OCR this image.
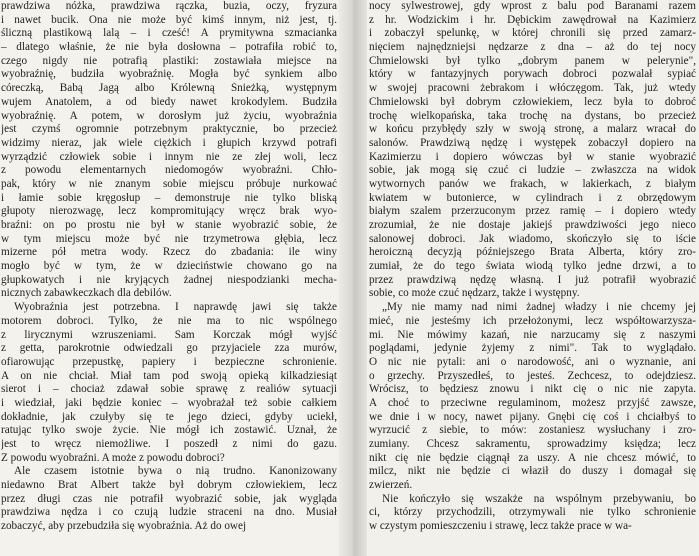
prawdziwa nóżka, prawdziwa rączka, buzia, oczy, fryzura
i nawet bucik. Ona nie może być kimś innym, niż jest, tj.
śliczną plastikową lalą – i cześć! A prymitywna szmacianka
– dlatego właśnie, że nie była dosłowna – potrafiła robić to,
czego nigdy nie potrafią plastiki: zostawiała miejsce na
wyobraźnię, budziła wyobraźnię. Mogła być synkiem albo
córeczką, Babą Jagą albo Królewną Śnieżką, występnym
wujem Anatolem, a od biedy nawet krokodylem. Budziła
wyobraźnię. A potem, w dorosłym już życiu, wyobraźnia
jest czymś ogromnie potrzebnym praktycznie, bo przecież
widzimy nieraz, jak wiele ciężkich i głupich krzywd potrafi
wyrządzić człowiek sobie i innym nie ze złej woli, lecz
z powodu elementarnych niedomogów wyobraźni. Chło-
pak, który w nie znanym sobie miejscu próbuje nurkować
i łamie sobie kręgosłup – demonstruje nie tylko bliską
głupoty nierozwagę, lecz kompromitujący wręcz brak wyo-
braźni: on po prostu nie był w stanie wyobrazić sobie, że
w tym miejscu może być nie trzymetrowa głębia, lecz
mizerne pół metra wody. Rzecz do zbadania: ile winy
mogło być w tym, że w dzieciństwie chowano go na
głupkowatych i nie kryjących żadnej niespodzianki mecha-
nicznych zabawkeczkach dla debilów.
Wyobraźnia jest potrzebna. I naprawdę jawi się także
motorem dobroci. Tylko, że nie ma to nic wspólnego
z lirycznymi wzruszeniami. Sam Korczak mógł wyjść
z getta, parokrotnie odwiedzali go przyjaciele zza murów,
ofiarowując przepustkę, papiery i bezpieczne schronienie.
A on nie chciał. Miał tam pod swoją opieką kilkadziesiąt
sierot i – chociaż zdawał sobie sprawę z realiów sytuacji
i wiedział, jaki będzie koniec – wyobrażał też sobie całkiem
dokładnie, jak czułyby się te jego dzieci, gdyby uciekł,
ratując tylko swoje życie. Nie mógł ich zostawić. Uznał, że
jest to wręcz niemożliwe. I poszedł z nimi do gazu.
Z powodu wyobraźni. A może z powodu dobroci?
Ale czasem istotnie bywa o nią trudno. Kanonizowany
niedawno Brat Albert także był dobrym człowiekiem, lecz
przez długi czas nie potrafił wyobrazić sobie, jak wygląda
prawdziwa nędza i co czują ludzie straceni na dno. Musiał
zobaczyć, aby przebudziła się wyobraźnia. Aż do owej
nocy sylwestrowej, gdy wprost z balu pod Baranami razem
z hr. Wodzickim i hr. Dębickim zawędrował na Kazimierz
i zobaczył spelunkę, w której chronili się przed zamarz-
nięciem najnędzniejsi nędzarze z dna – aż do tej nocy
Chmielowski był tylko „dobrym panem w pelerynie",
który w fantazyjnych porywach dobroci pozwalał sypiać
w swojej pracowni żebrakom i włóczęgom. Tak, już wtedy
Chmielowski był dobrym człowiekiem, lecz była to dobroć
trochę wielkopańska, taka trochę na dystans, bo przecież
w końcu przybłędy szły w swoją stronę, a malarz wracał do
salonów. Prawdziwą nędzę i występek zobaczył dopiero na
Kazimierzu i dopiero wówczas był w stanie wyobrazić
sobie, jak mogą się czuć ci ludzie – zwłaszcza na widok
wytwornych panów we frakach, w lakierkach, z białym
kwiatem w butonierce, w cylindrach i z obrzędowym
białym szalem przerzuconym przez ramię – i dopiero wtedy
zrozumiał, że nie dostaje jakiejś prawdziwości jego nieco
salonowej dobroci. Jak wiadomo, skończyło się to iście
heroiczną decyzją późniejszego Brata Alberta, który zro-
zumiał, że do tego świata wiodą tylko jedne drzwi, a to
przez prawdziwą nędzę własną. I już potrafił wyobrazić
sobie, co może czuć nędzarz, także i występny.
„My nie mamy nad nimi żadnej władzy i nie chcemy jej
mieć, nie jesteśmy ich przełożonymi, lecz współtowarzysza-
mi. Nie mówimy kazań, nie narzucamy się z naszymi
poglądami, jedynie żyjemy z nimi". Tak to wyglądało.
O nic nie pytali: ani o narodowość, ani o wyznanie, ani
o grzechy. Przyszedłeś, to jesteś. Zechcesz, to odejdziesz.
Wrócisz, to będziesz znowu i nikt cię o nic nie zapyta.
A choć to przeciwne regulaminom, możesz przyjść zawsze,
we dnie i w nocy, nawet pijany. Gnębi cię coś i chciałbyś to
wyrzucić z siebie, to mów: zostaniesz wysłuchany i zro-
zumiany. Chcesz sakramentu, sprowadzimy księdza; lecz
nikt cię nie będzie ciągnął za uszy. A nie chcesz mówić, to
milcz, nikt nie będzie ci właził do duszy i domagał się
zwierzeń.
Nie kończyło się wszakże na wspólnym przebywaniu, bo
ci, którzy przychodzili, otrzymywali nie tylko schronienie
w czystym pomieszczeniu i strawę, lecz także prace w wa-
